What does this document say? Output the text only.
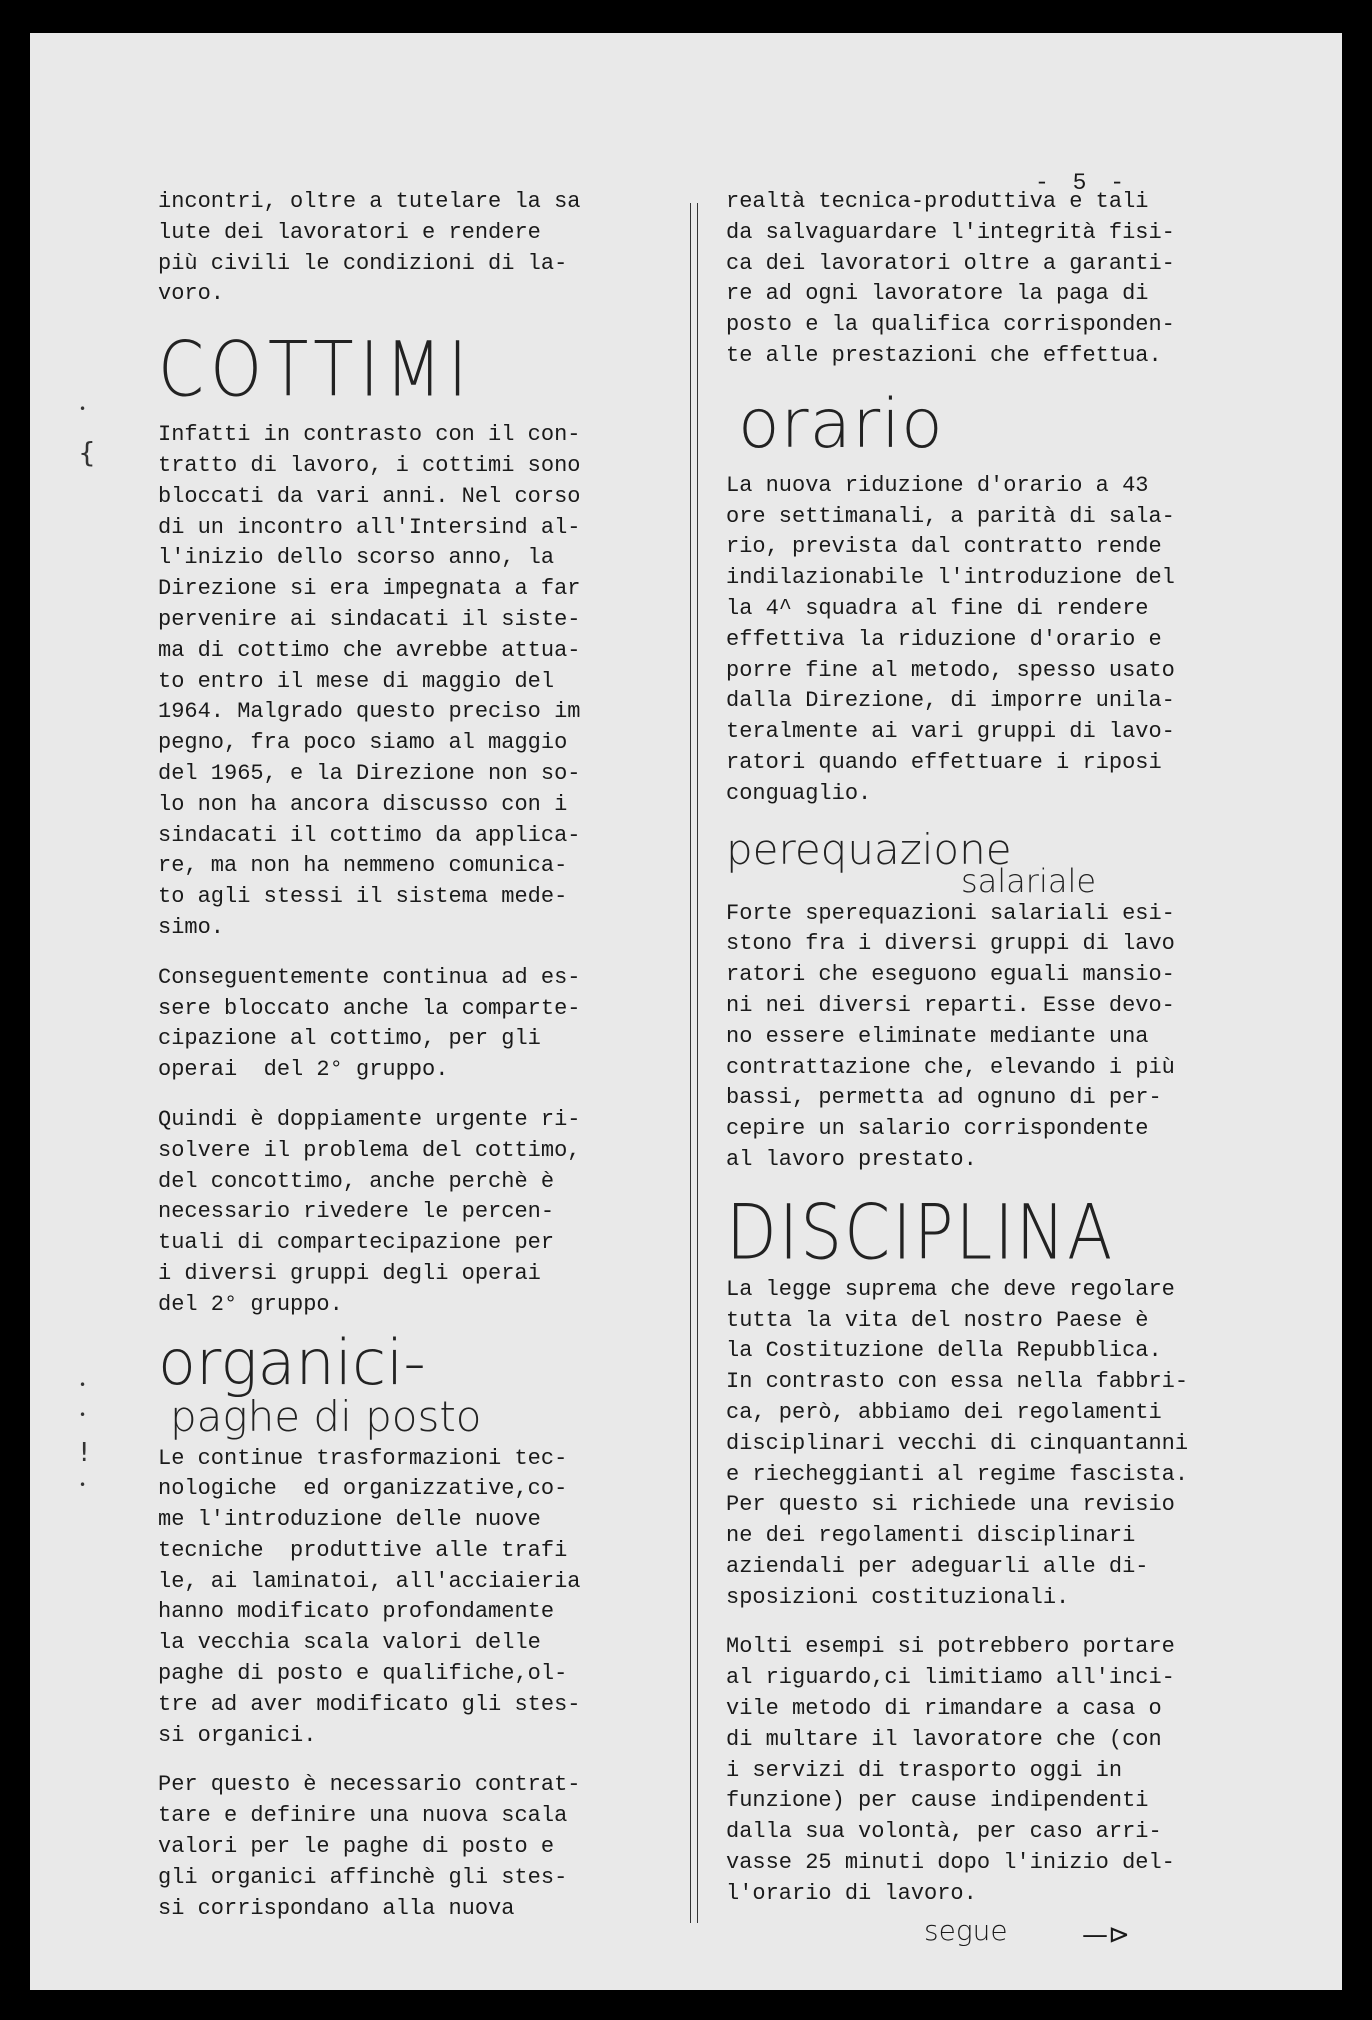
- 5 -
•
{
•
•
!
•

incontri, oltre a tutelare la sa
lute dei lavoratori e rendere
più civili le condizioni di la-
voro.

COTTIMI

Infatti in contrasto con il con-
tratto di lavoro, i cottimi sono
bloccati da vari anni. Nel corso
di un incontro all'Intersind al-
l'inizio dello scorso anno, la
Direzione si era impegnata a far
pervenire ai sindacati il siste-
ma di cottimo che avrebbe attua-
to entro il mese di maggio del
1964. Malgrado questo preciso im
pegno, fra poco siamo al maggio
del 1965, e la Direzione non so-
lo non ha ancora discusso con i
sindacati il cottimo da applica-
re, ma non ha nemmeno comunica-
to agli stessi il sistema mede-
simo.

Conseguentemente continua ad es-
sere bloccato anche la comparte-
cipazione al cottimo, per gli
operai  del 2° gruppo.

Quindi è doppiamente urgente ri-
solvere il problema del cottimo,
del concottimo, anche perchè è
necessario rivedere le percen-
tuali di compartecipazione per
i diversi gruppi degli operai
del 2° gruppo.

organici-
paghe di posto

Le continue trasformazioni tec-
nologiche  ed organizzative,co-
me l'introduzione delle nuove
tecniche  produttive alle trafi
le, ai laminatoi, all'acciaieria
hanno modificato profondamente
la vecchia scala valori delle
paghe di posto e qualifiche,ol-
tre ad aver modificato gli stes-
si organici.

Per questo è necessario contrat-
tare e definire una nuova scala
valori per le paghe di posto e
gli organici affinchè gli stes-
si corrispondano alla nuova

realtà tecnica-produttiva e tali
da salvaguardare l'integrità fisi-
ca dei lavoratori oltre a garanti-
re ad ogni lavoratore la paga di
posto e la qualifica corrisponden-
te alle prestazioni che effettua.

orario

La nuova riduzione d'orario a 43
ore settimanali, a parità di sala-
rio, prevista dal contratto rende
indilazionabile l'introduzione del
la 4^ squadra al fine di rendere
effettiva la riduzione d'orario e
porre fine al metodo, spesso usato
dalla Direzione, di imporre unila-
teralmente ai vari gruppi di lavo-
ratori quando effettuare i riposi
conguaglio.

perequazione
salariale

Forte sperequazioni salariali esi-
stono fra i diversi gruppi di lavo
ratori che eseguono eguali mansio-
ni nei diversi reparti. Esse devo-
no essere eliminate mediante una
contrattazione che, elevando i più
bassi, permetta ad ognuno di per-
cepire un salario corrispondente
al lavoro prestato.

DISCIPLINA

La legge suprema che deve regolare
tutta la vita del nostro Paese è
la Costituzione della Repubblica.
In contrasto con essa nella fabbri-
ca, però, abbiamo dei regolamenti
disciplinari vecchi di cinquantanni
e riecheggianti al regime fascista.
Per questo si richiede una revisio
ne dei regolamenti disciplinari
aziendali per adeguarli alle di-
sposizioni costituzionali.

Molti esempi si potrebbero portare
al riguardo,ci limitiamo all'inci-
vile metodo di rimandare a casa o
di multare il lavoratore che (con
i servizi di trasporto oggi in
funzione) per cause indipendenti
dalla sua volontà, per caso arri-
vasse 25 minuti dopo l'inizio del-
l'orario di lavoro.

segue	—⊳
